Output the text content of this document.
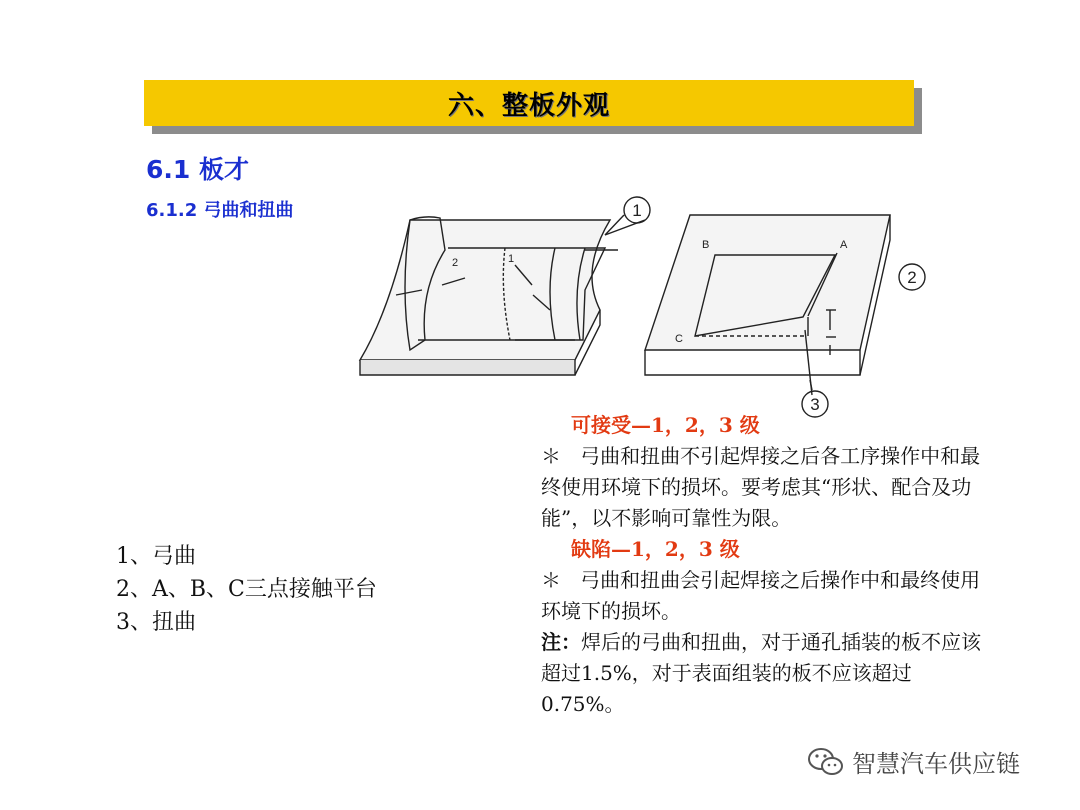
六、整板外观
6.1 板才
6.1.2 弓曲和扭曲
1、弓曲
2、A、B、C三点接触平台
3、扭曲
1
2
3
A
B
C
1
2
可接受—1，2，3 级
＊ 弓曲和扭曲不引起焊接之后各工序操作中和最终使用环境下的损坏。要考虑其“形状、配合及功能”，以不影响可靠性为限。
缺陷—1，2，3 级
＊ 弓曲和扭曲会引起焊接之后操作中和最终使用环境下的损坏。
注：焊后的弓曲和扭曲，对于通孔插装的板不应该超过1.5%，对于表面组装的板不应该超过0.75%。
智慧汽车供应链
